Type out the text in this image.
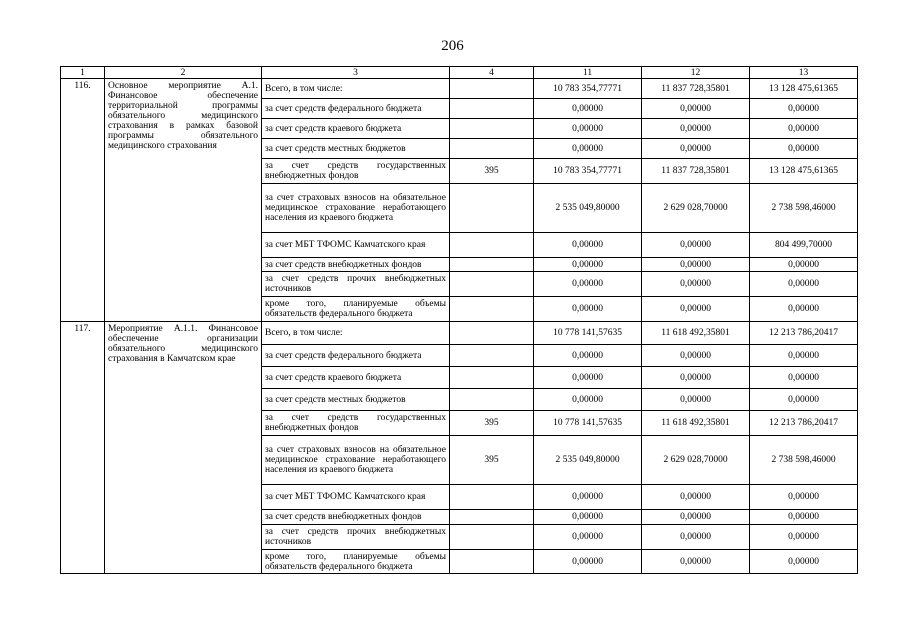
206
1	2	3	4	11	12	13
116.	Основное мероприятие А.1. Финансовое обеспечение территориальной программы обязательного медицинского страхования в рамках базовой программы обязательного медицинского страхования	Всего, в том числе:		10 783 354,77771	11 837 728,35801	13 128 475,61365
		за счет средств федерального бюджета		0,00000	0,00000	0,00000
		за счет средств краевого бюджета		0,00000	0,00000	0,00000
		за счет средств местных бюджетов		0,00000	0,00000	0,00000
		за счет средств государственных внебюджетных фондов	395	10 783 354,77771	11 837 728,35801	13 128 475,61365
		за счет страховых взносов на обязательное медицинское страхование неработающего населения из краевого бюджета		2 535 049,80000	2 629 028,70000	2 738 598,46000
		за счет МБТ ТФОМС Камчатского края		0,00000	0,00000	804 499,70000
		за счет средств внебюджетных фондов		0,00000	0,00000	0,00000
		за счет средств прочих внебюджетных источников		0,00000	0,00000	0,00000
		кроме того, планируемые объемы обязательств федерального бюджета		0,00000	0,00000	0,00000
117.	Мероприятие А.1.1. Финансовое обеспечение организации обязательного медицинского страхования в Камчатском крае	Всего, в том числе:		10 778 141,57635	11 618 492,35801	12 213 786,20417
		за счет средств федерального бюджета		0,00000	0,00000	0,00000
		за счет средств краевого бюджета		0,00000	0,00000	0,00000
		за счет средств местных бюджетов		0,00000	0,00000	0,00000
		за счет средств государственных внебюджетных фондов	395	10 778 141,57635	11 618 492,35801	12 213 786,20417
		за счет страховых взносов на обязательное медицинское страхование неработающего населения из краевого бюджета	395	2 535 049,80000	2 629 028,70000	2 738 598,46000
		за счет МБТ ТФОМС Камчатского края		0,00000	0,00000	0,00000
		за счет средств внебюджетных фондов		0,00000	0,00000	0,00000
		за счет средств прочих внебюджетных источников		0,00000	0,00000	0,00000
		кроме того, планируемые объемы обязательств федерального бюджета		0,00000	0,00000	0,00000
